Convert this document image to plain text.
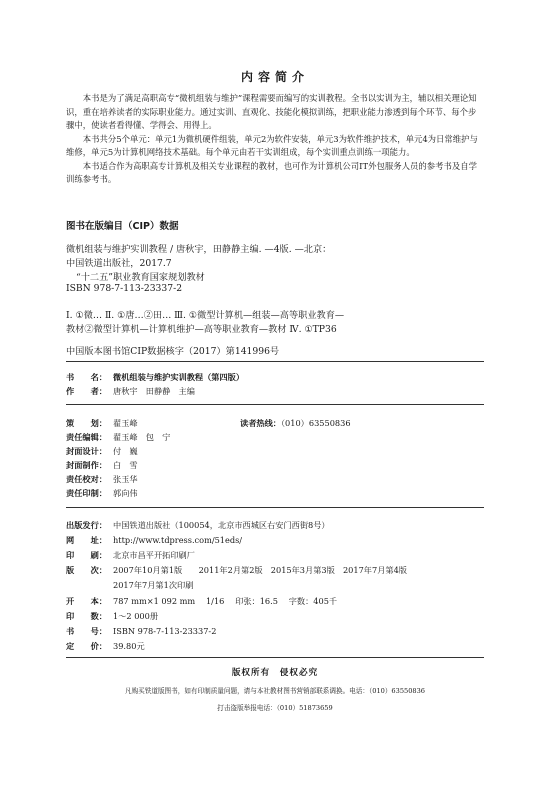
内容简介

本书是为了满足高职高专“微机组装与维护”课程需要而编写的实训教程。全书以实训为主，辅以相关理论知识，重在培养读者的实际职业能力。通过实训、直观化、技能化模拟训练，把职业能力渗透到每个环节、每个步骤中，使读者看得懂、学得会、用得上。

本书共分5个单元：单元1为微机硬件组装，单元2为软件安装，单元3为软件维护技术，单元4为日常维护与维修，单元5为计算机网络技术基础。每个单元由若干实训组成，每个实训重点训练一项能力。

本书适合作为高职高专计算机及相关专业课程的教材，也可作为计算机公司IT外包服务人员的参考书及自学训练参考书。

图书在版编目（CIP）数据
微机组装与维护实训教程 / 唐秋宇，田静静主编. —4版. —北京：
中国铁道出版社，2017.7
“十二五”职业教育国家规划教材
ISBN 978-7-113-23337-2
Ⅰ. ①微… Ⅱ. ①唐…②田… Ⅲ. ①微型计算机—组装—高等职业教育—
教材②微型计算机—计算机维护—高等职业教育—教材 Ⅳ. ①TP36
中国版本图书馆CIP数据核字（2017）第141996号
书　　名： 微机组装与维护实训教程（第四版）
作　　者： 唐秋宇　田静静　主编
策　　划： 翟玉峰	读者热线：（010）63550836
责任编辑： 翟玉峰　包　宁
封面设计： 付　巍
封面制作： 白　雪
责任校对： 张玉华
责任印制： 郭向伟
出版发行： 中国铁道出版社（100054，北京市西城区右安门西街8号）
网　　址： http://www.tdpress.com/51eds/
印　　刷： 北京市昌平开拓印刷厂
版　　次： 2007年10月第1版　　2011年2月第2版　2015年3月第3版　2017年7月第4版
2017年7月第1次印刷
开　　本： 787 mm×1 092 mm　 1/16　 印张：16.5　 字数：405千
印　　数： 1～2 000册
书　　号： ISBN 978-7-113-23337-2
定　　价： 39.80元
版权所有　侵权必究
凡购买铁道版图书，如有印制质量问题，请与本社教材图书营销部联系调换。电话：（010）63550836
打击盗版举报电话：（010）51873659
